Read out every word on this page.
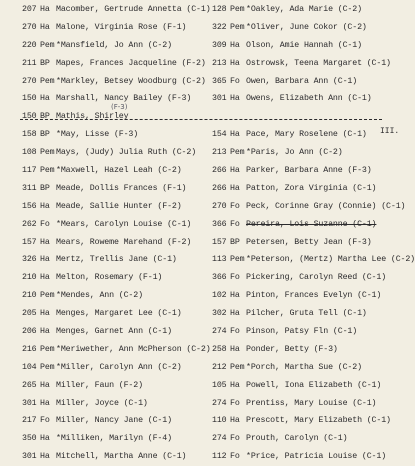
207 Ha Macomber, Gertrude Annetta (C-1)
270 Ha Malone, Virginia Rose (F-1)
220 Pem *Mansfield, Jo Ann (C-2)
211 BP Mapes, Frances Jacqueline (F-2)
270 Pem *Markley, Betsey Woodburg (C-2)
150 Ha Marshall, Nancy Bailey (F-3)
150 BP Mathis, Shirley
158 BP *May, Lisse (F-3)
108 Pem Mays, (Judy) Julia Ruth (C-2)
117 Pem *Maxwell, Hazel Leah (C-2)
311 BP Meade, Dollis Frances (F-1)
156 Ha Meade, Sallie Hunter (F-2)
262 Fo *Mears, Carolyn Louise (C-1)
157 Ha Mears, Roweme Marehand (F-2)
326 Ha Mertz, Trellis Jane (C-1)
210 Ha Melton, Rosemary (F-1)
210 Pem *Mendes, Ann (C-2)
205 Ha Menges, Margaret Lee (C-1)
206 Ha Menges, Garnet Ann (C-1)
216 Pem *Meriwether, Ann McPherson (C-2)
104 Pem *Miller, Carolyn Ann (C-2)
265 Ha Miller, Faun (F-2)
301 Ha Miller, Joyce (C-1)
217 Fo Miller, Nancy Jane (C-1)
350 Ha *Milliken, Marilyn (F-4)
301 Ha Mitchell, Martha Anne (C-1)
128 Pem *Oakley, Ada Marie (C-2)
322 Pem *Oliver, June Cokor (C-2)
309 Ha Olson, Amie Hannah (C-1)
213 Ha Ostrowsk, Teena Margaret (C-1)
365 Fo Owen, Barbara Ann (C-1)
301 Ha Owens, Elizabeth Ann (C-1)
154 Ha Pace, Mary Roselene (C-1)
213 Pem *Paris, Jo Ann (C-2)
266 Ha Parker, Barbara Anne (F-3)
266 Ha Patton, Zora Virginia (C-1)
270 Fo Peck, Corinne Gray (Connie) (C-1)
366 Fo Pereira, Lois Suzanne (C-1)
157 BP Petersen, Betty Jean (F-3)
113 Pem *Peterson, (Mertz) Martha Lee (C-2)
366 Fo Pickering, Carolyn Reed (C-1)
102 Ha Pinton, Frances Evelyn (C-1)
302 Ha Pilcher, Gruta Tell (C-1)
274 Fo Pinson, Patsy Fln (C-1)
258 Ha Ponder, Betty (F-3)
212 Pem *Porch, Martha Sue (C-2)
105 Ha Powell, Iona Elizabeth (C-1)
274 Fo Prentiss, Mary Louise (C-1)
110 Ha Prescott, Mary Elizabeth (C-1)
274 Fo Prouth, Carolyn (C-1)
112 Fo *Price, Patricia Louise (C-1)
III.
(F-3)
